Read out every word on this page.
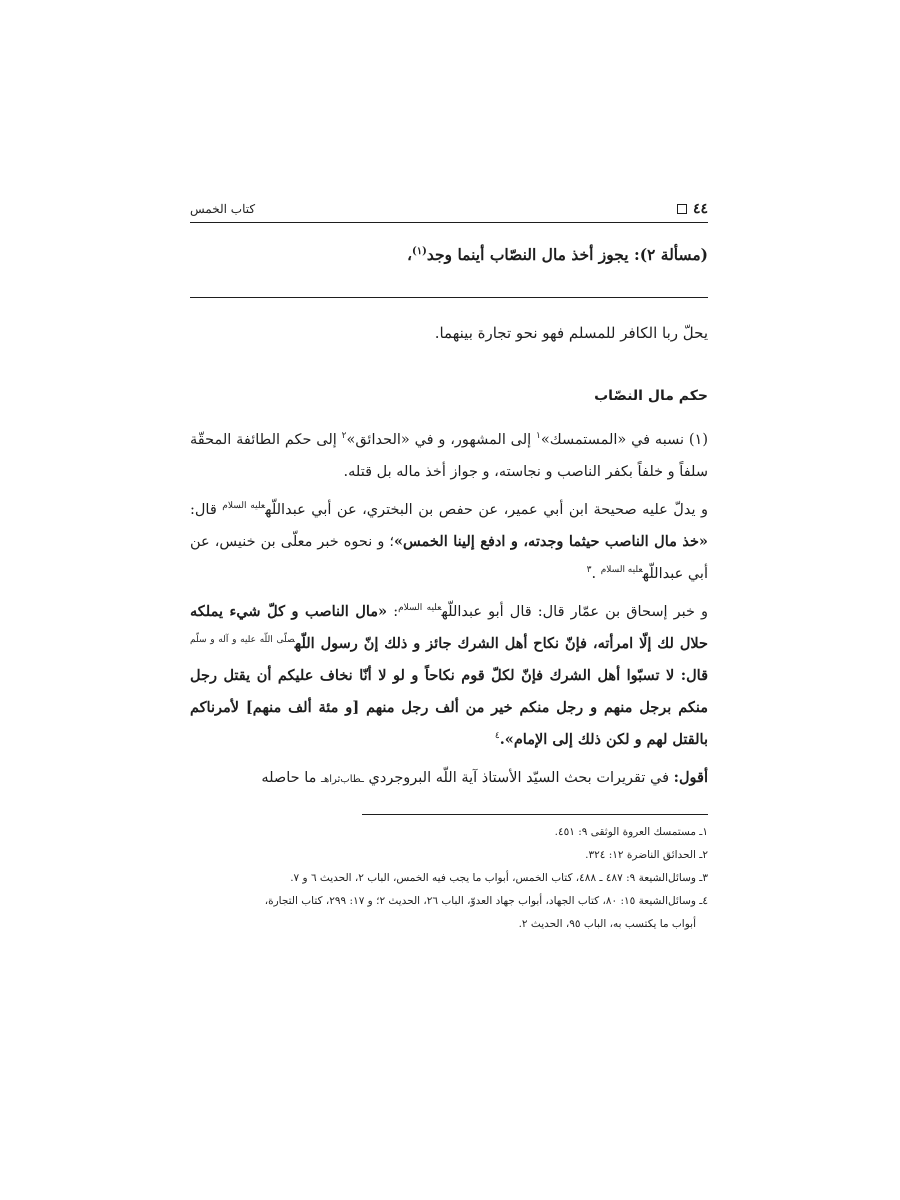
٤٤
كتاب الخمس
(مسألة ٢): يجوز أخذ مال النصّاب أينما وجد$^{(١)}$،
يحلّ ربا الكافر للمسلم فهو نحو تجارة بينهما.
حكم مال النصّاب

(١) نسبه في «المستمسك»$^١$ إلى المشهور، و في «الحدائق»$^٢$ إلى حكم الطائفة المحقّة سلفاً و خلفاً بكفر الناصب و نجاسته، و جواز أخذ ماله بل قتله.

و يدلّ عليه صحيحة ابن أبي عمير، عن حفص بن البختري، عن أبي عبداللّه$^{عليه السلام}$ قال: «خذ مال الناصب حيثما وجدته، و ادفع إلينا الخمس»؛ و نحوه خبر معلّى بن خنيس، عن أبي عبداللّه$^{عليه السلام}$ .$^٣$

و خبر إسحاق بن عمّار قال: قال أبو عبداللّه$^{عليه السلام}$: «مال الناصب و كلّ شيء يملكه حلال لك إلّا امرأته، فإنّ نكاح أهل الشرك جائز و ذلك إنّ رسول اللّه$^{صلّى اللّه عليه و آله و سلّم}$ قال: لا تسبّوا أهل الشرك فإنّ لكلّ قوم نكاحاً و لو لا أنّا نخاف عليكم أن يقتل رجل منكم برجل منهم و رجل منكم خير من ألف رجل منهم [و مئة ألف منهم] لأمرناكم بالقتل لهم و لكن ذلك إلى الإمام».$^٤$

أقول: في تقريرات بحث السيّد الأستاذ آية اللّه البروجردي ـطاب‌ثراهـ ما حاصله

١ـ مستمسك العروة الوثقى ٩: ٤٥١.
٢ـ الحدائق الناضرة ١٢: ٣٢٤.
٣ـ وسائل‌الشيعة ٩: ٤٨٧ ـ ٤٨٨، كتاب الخمس، أبواب ما يجب فيه الخمس، الباب ٢، الحديث ٦ و ٧.
٤ـ وسائل‌الشيعة ١٥: ٨٠، كتاب الجهاد، أبواب جهاد العدوّ، الباب ٢٦، الحديث ٢؛ و ١٧: ٢٩٩، كتاب التجارة،
أبواب ما يكتسب به، الباب ٩٥، الحديث ٢.
